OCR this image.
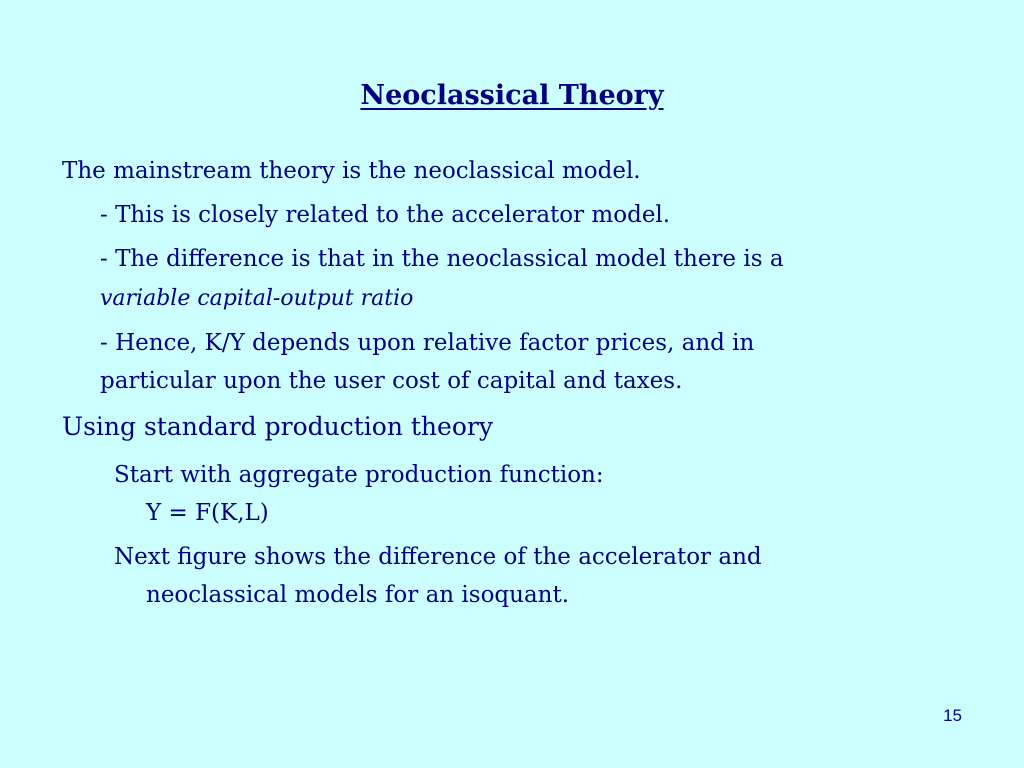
Neoclassical Theory

The mainstream theory is the neoclassical model.

- This is closely related to the accelerator model.

- The difference is that in the neoclassical model there is a

variable capital-output ratio

- Hence, K/Y depends upon relative factor prices, and in

particular upon the user cost of capital and taxes.

Using standard production theory

Start with aggregate production function:

Y = F(K,L)

Next figure shows the difference of the accelerator and

neoclassical models for an isoquant.

15
